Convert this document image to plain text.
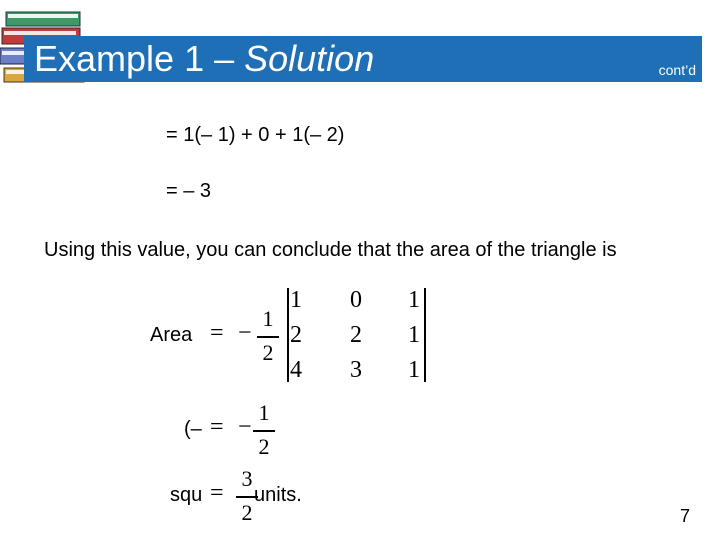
Example 1 – Solution	cont’d
= 1(– 1) + 0 + 1(– 2)
= – 3
Using this value, you can conclude that the area of the triangle is
Area = −
1
2
1 0 1
2 2 1
4 3 1
(– = −
1
2
squ =
3
2
units.
7
